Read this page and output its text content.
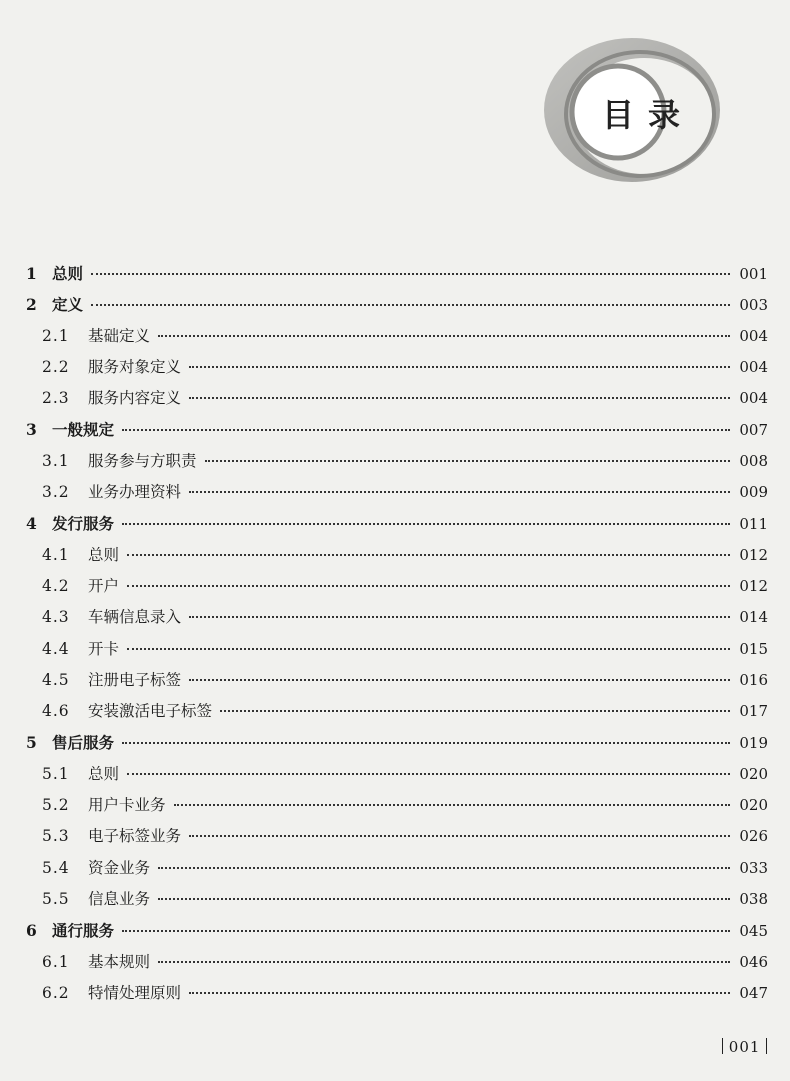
目录
1 总则	001
2 定义	003
2.1	基础定义	004
2.2	服务对象定义	004
2.3	服务内容定义	004
3 一般规定	007
3.1	服务参与方职责	008
3.2	业务办理资料	009
4 发行服务	011
4.1	总则	012
4.2	开户	012
4.3	车辆信息录入	014
4.4	开卡	015
4.5	注册电子标签	016
4.6	安装激活电子标签	017
5 售后服务	019
5.1	总则	020
5.2	用户卡业务	020
5.3	电子标签业务	026
5.4	资金业务	033
5.5	信息业务	038
6 通行服务	045
6.1	基本规则	046
6.2	特情处理原则	047
001
